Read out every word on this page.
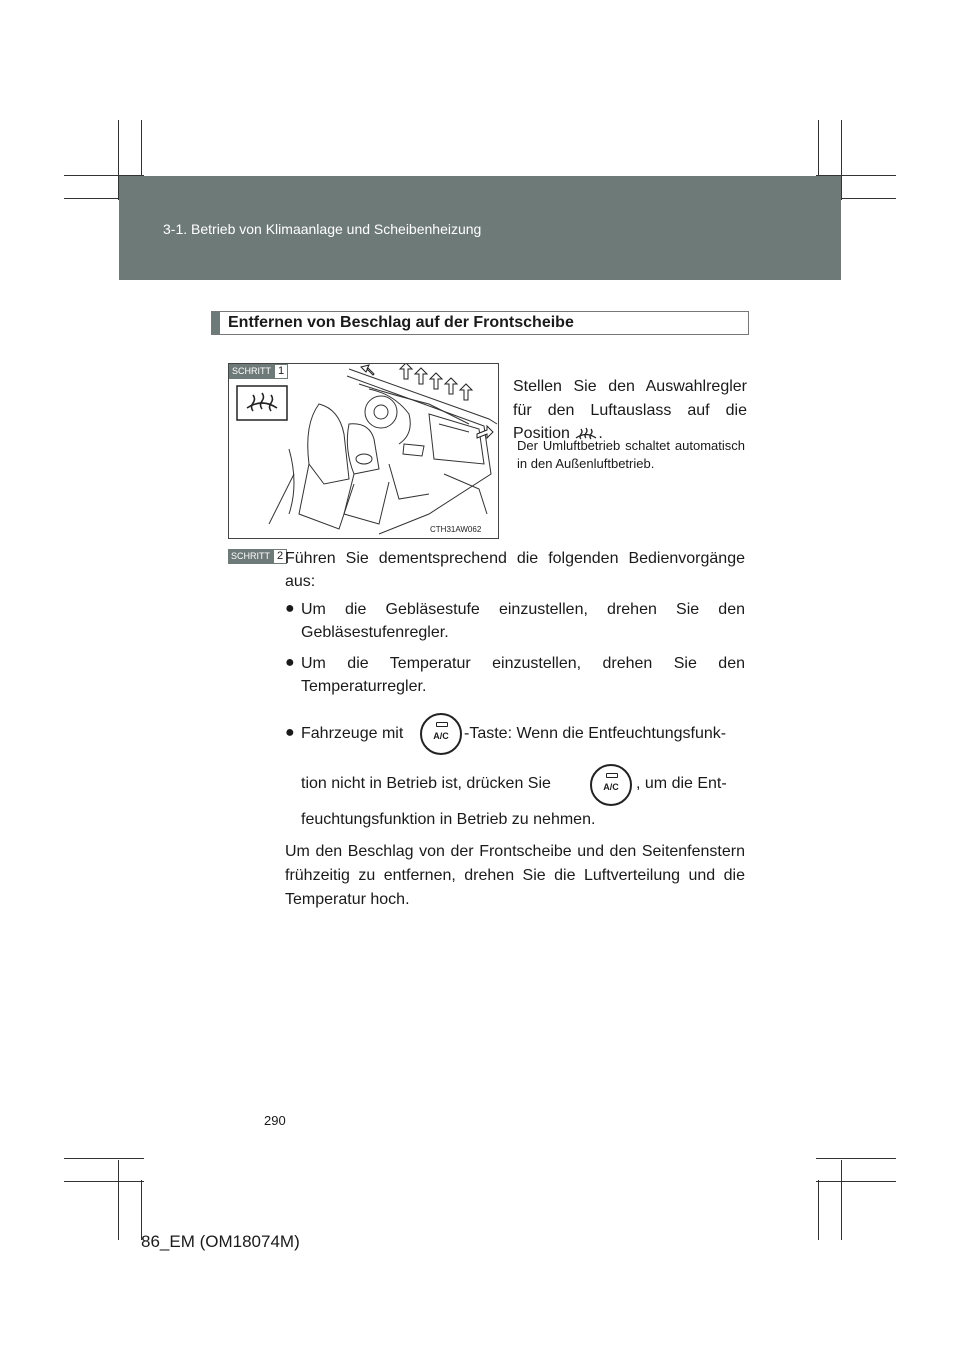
3-1. Betrieb von Klimaanlage und Scheibenheizung
Entfernen von Beschlag auf der Frontscheibe
SCHRITT 1
CTH31AW062
Stellen Sie den Auswahlregler für den Luftauslass auf die Position .
Der Umluftbetrieb schaltet automatisch in den Außenluftbetrieb.
SCHRITT 2 Führen Sie dementsprechend die folgenden Bedienvorgänge aus:
● Um die Gebläsestufe einzustellen, drehen Sie den Gebläsestufenregler.
● Um die Temperatur einzustellen, drehen Sie den Temperaturregler.
● Fahrzeuge mit	A/C -Taste: Wenn die Entfeuchtungsfunk-
tion nicht in Betrieb ist, drücken Sie	A/C	, um die Ent-
feuchtungsfunktion in Betrieb zu nehmen.
Um den Beschlag von der Frontscheibe und den Seitenfenstern frühzeitig zu entfernen, drehen Sie die Luftverteilung und die Temperatur hoch.
290
86_EM (OM18074M)
